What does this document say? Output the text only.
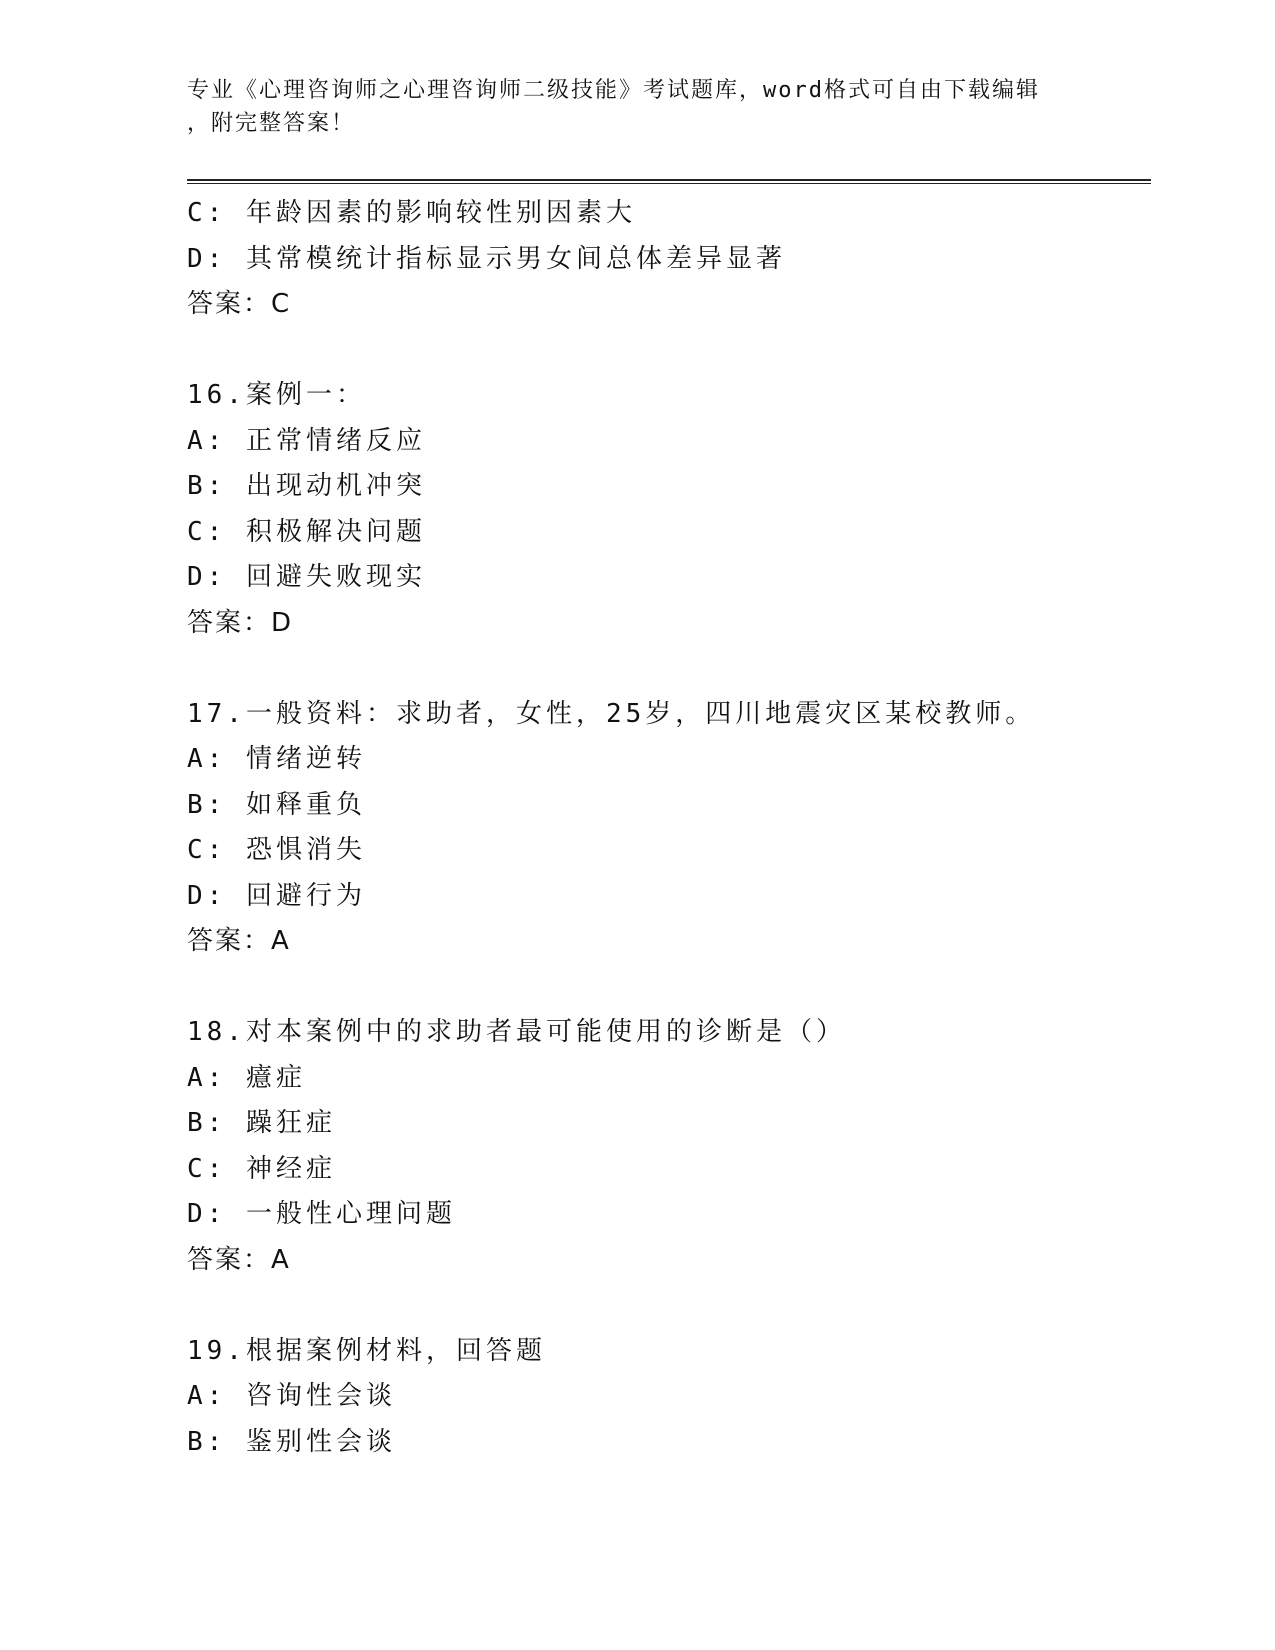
专业《心理咨询师之心理咨询师二级技能》考试题库，word格式可自由下载编辑
，附完整答案！
C: 年龄因素的影响较性别因素大
D: 其常模统计指标显示男女间总体差异显著
答案：C
16.案例一：
A: 正常情绪反应
B: 出现动机冲突
C: 积极解决问题
D: 回避失败现实
答案：D
17.一般资料：求助者，女性，25岁，四川地震灾区某校教师。
A: 情绪逆转
B: 如释重负
C: 恐惧消失
D: 回避行为
答案：A
18.对本案例中的求助者最可能使用的诊断是（）
A: 癔症
B: 躁狂症
C: 神经症
D: 一般性心理问题
答案：A
19.根据案例材料，回答题
A: 咨询性会谈
B: 鉴别性会谈
